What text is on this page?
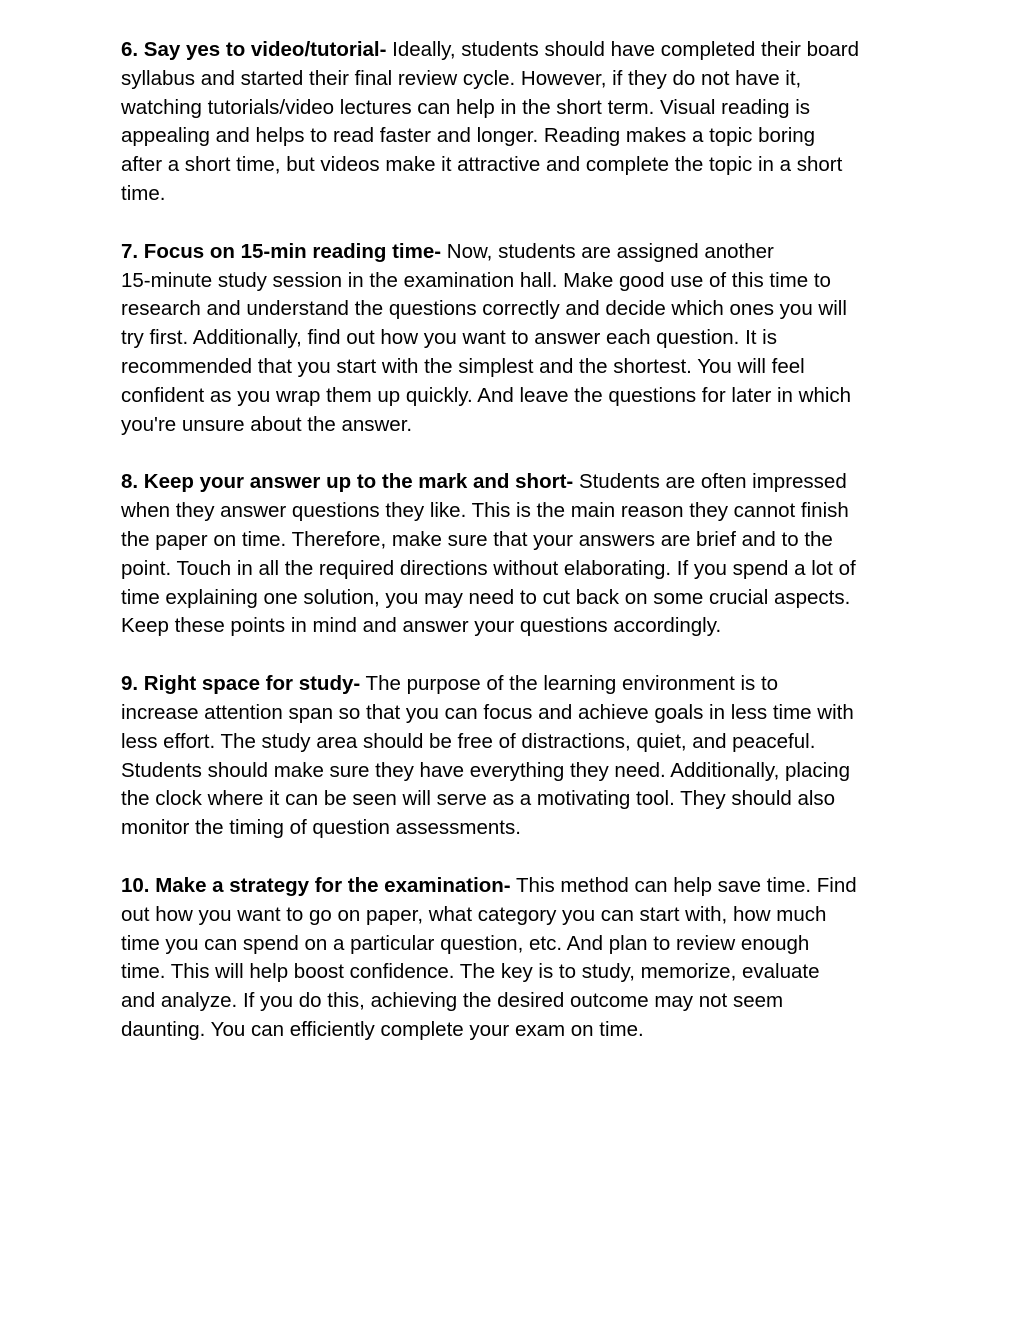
6. Say yes to video/tutorial- Ideally, students should have completed their board

syllabus and started their final review cycle. However, if they do not have it,

watching tutorials/video lectures can help in the short term. Visual reading is

appealing and helps to read faster and longer. Reading makes a topic boring

after a short time, but videos make it attractive and complete the topic in a short

time.

7. Focus on 15-min reading time- Now, students are assigned another

15-minute study session in the examination hall. Make good use of this time to

research and understand the questions correctly and decide which ones you will

try first. Additionally, find out how you want to answer each question. It is

recommended that you start with the simplest and the shortest. You will feel

confident as you wrap them up quickly. And leave the questions for later in which

you're unsure about the answer.

8. Keep your answer up to the mark and short- Students are often impressed

when they answer questions they like. This is the main reason they cannot finish

the paper on time. Therefore, make sure that your answers are brief and to the

point. Touch in all the required directions without elaborating. If you spend a lot of

time explaining one solution, you may need to cut back on some crucial aspects.

Keep these points in mind and answer your questions accordingly.

9. Right space for study- The purpose of the learning environment is to

increase attention span so that you can focus and achieve goals in less time with

less effort. The study area should be free of distractions, quiet, and peaceful.

Students should make sure they have everything they need. Additionally, placing

the clock where it can be seen will serve as a motivating tool. They should also

monitor the timing of question assessments.

10. Make a strategy for the examination- This method can help save time. Find

out how you want to go on paper, what category you can start with, how much

time you can spend on a particular question, etc. And plan to review enough

time. This will help boost confidence. The key is to study, memorize, evaluate

and analyze. If you do this, achieving the desired outcome may not seem

daunting. You can efficiently complete your exam on time.
